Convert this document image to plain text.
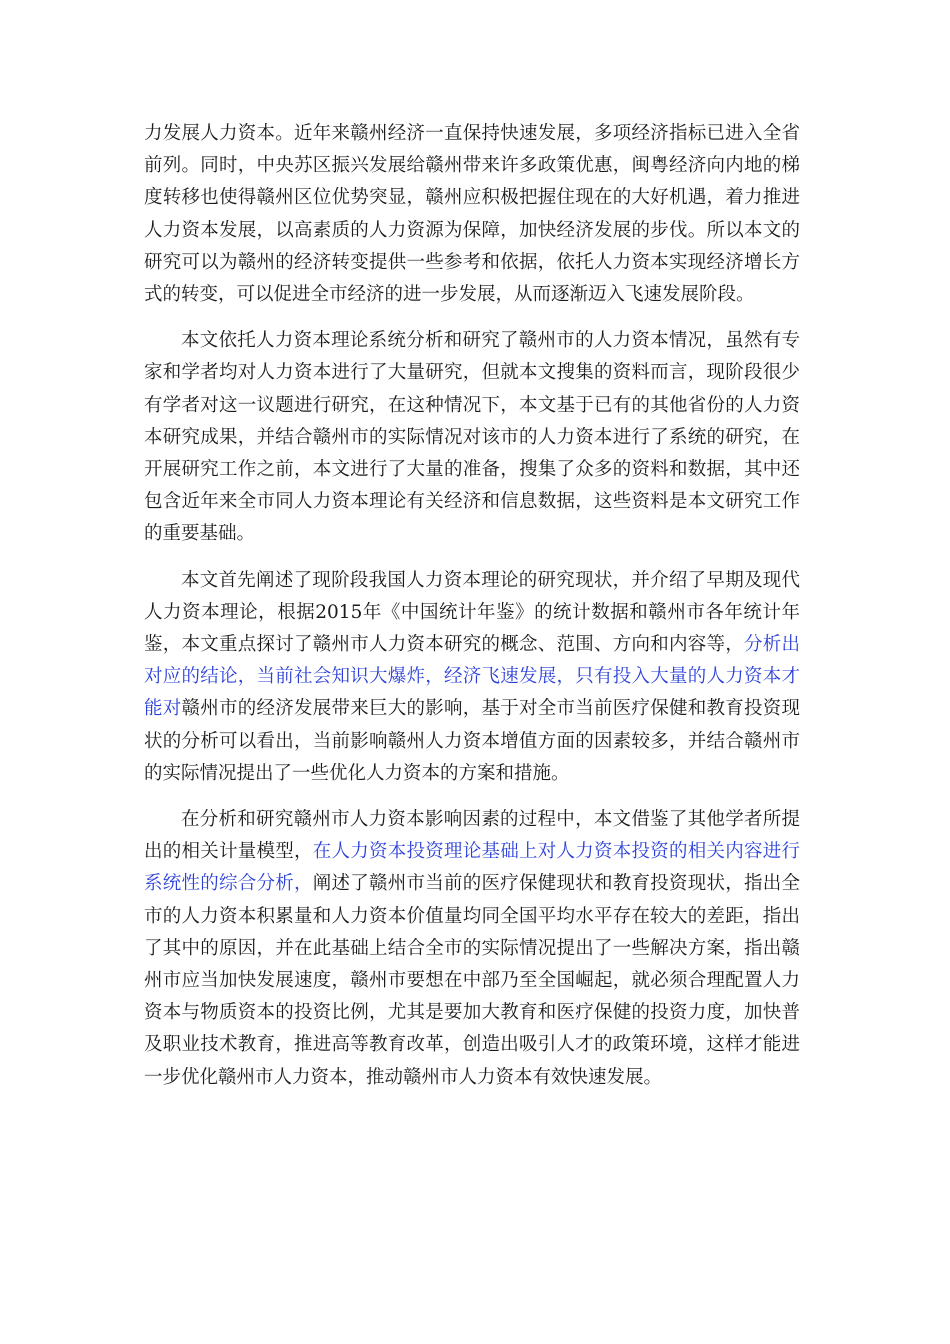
力发展人力资本。近年来赣州经济一直保持快速发展，多项经济指标已进入全省前列。同时，中央苏区振兴发展给赣州带来许多政策优惠，闽粤经济向内地的梯度转移也使得赣州区位优势突显，赣州应积极把握住现在的大好机遇，着力推进人力资本发展，以高素质的人力资源为保障，加快经济发展的步伐。所以本文的研究可以为赣州的经济转变提供一些参考和依据，依托人力资本实现经济增长方式的转变，可以促进全市经济的进一步发展，从而逐渐迈入飞速发展阶段。

本文依托人力资本理论系统分析和研究了赣州市的人力资本情况，虽然有专家和学者均对人力资本进行了大量研究，但就本文搜集的资料而言，现阶段很少有学者对这一议题进行研究，在这种情况下，本文基于已有的其他省份的人力资本研究成果，并结合赣州市的实际情况对该市的人力资本进行了系统的研究，在开展研究工作之前，本文进行了大量的准备，搜集了众多的资料和数据，其中还包含近年来全市同人力资本理论有关经济和信息数据，这些资料是本文研究工作的重要基础。

本文首先阐述了现阶段我国人力资本理论的研究现状，并介绍了早期及现代人力资本理论，根据2015年《中国统计年鉴》的统计数据和赣州市各年统计年鉴，本文重点探讨了赣州市人力资本研究的概念、范围、方向和内容等，分析出对应的结论，当前社会知识大爆炸，经济飞速发展，只有投入大量的人力资本才能对赣州市的经济发展带来巨大的影响，基于对全市当前医疗保健和教育投资现状的分析可以看出，当前影响赣州人力资本增值方面的因素较多，并结合赣州市的实际情况提出了一些优化人力资本的方案和措施。

在分析和研究赣州市人力资本影响因素的过程中，本文借鉴了其他学者所提出的相关计量模型，在人力资本投资理论基础上对人力资本投资的相关内容进行系统性的综合分析，阐述了赣州市当前的医疗保健现状和教育投资现状，指出全市的人力资本积累量和人力资本价值量均同全国平均水平存在较大的差距，指出了其中的原因，并在此基础上结合全市的实际情况提出了一些解决方案，指出赣州市应当加快发展速度，赣州市要想在中部乃至全国崛起，就必须合理配置人力资本与物质资本的投资比例，尤其是要加大教育和医疗保健的投资力度，加快普及职业技术教育，推进高等教育改革，创造出吸引人才的政策环境，这样才能进一步优化赣州市人力资本，推动赣州市人力资本有效快速发展。
